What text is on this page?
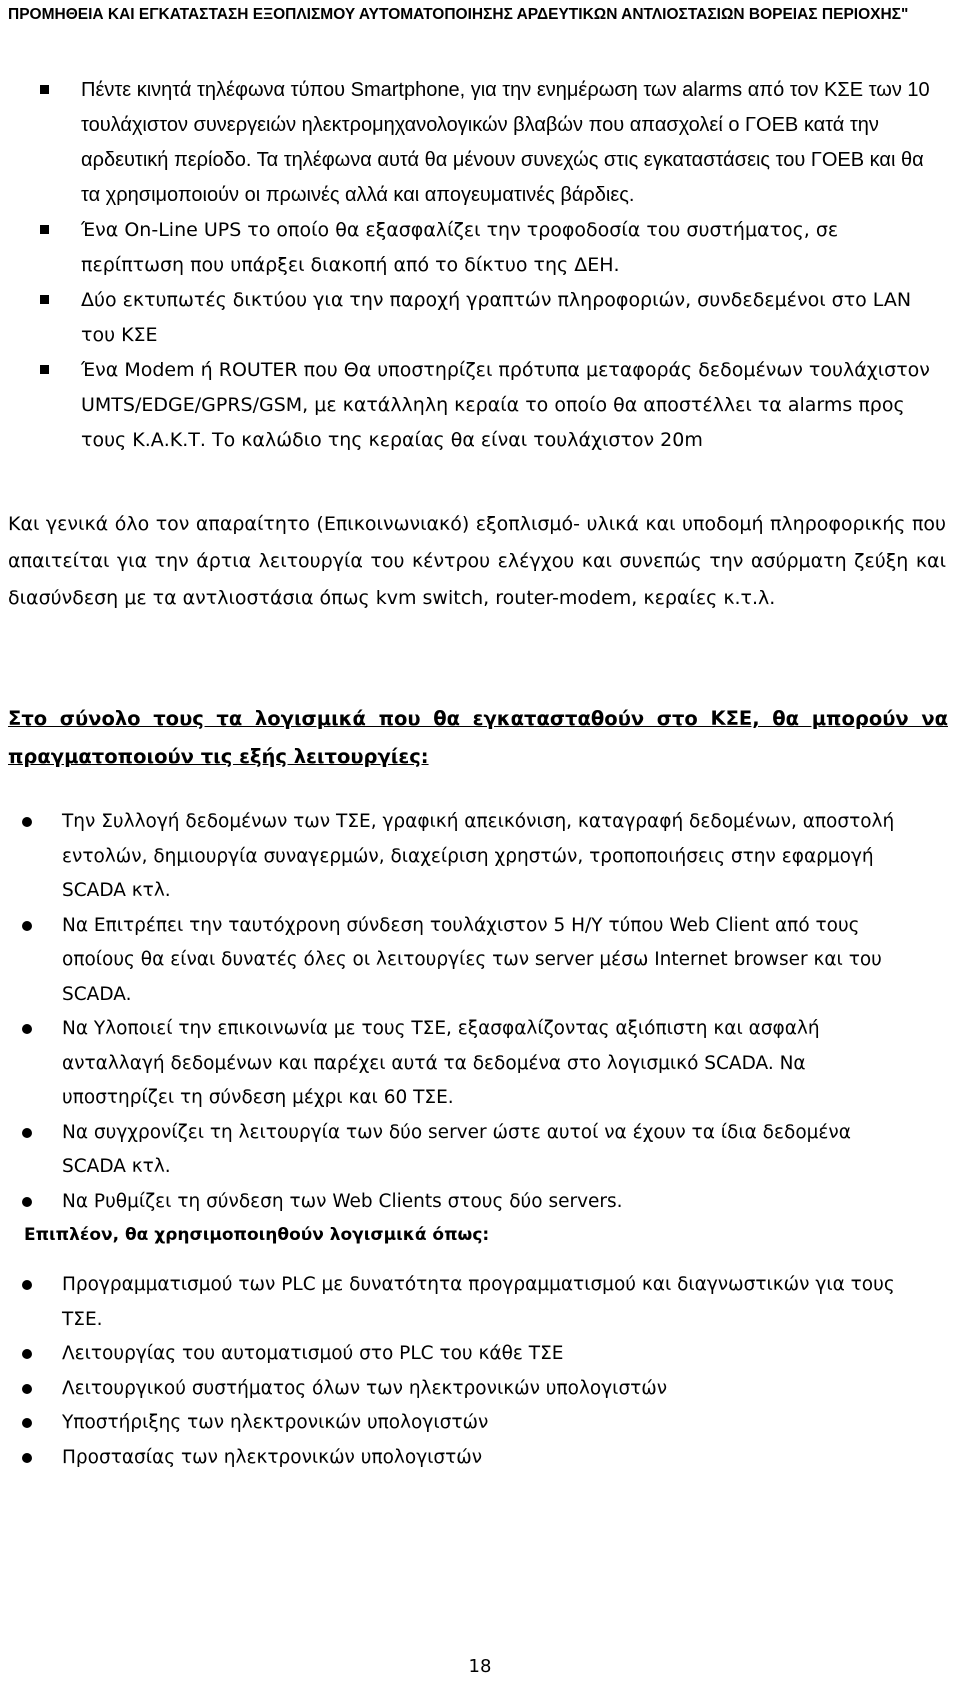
ΠΡΟΜΗΘΕΙΑ ΚΑΙ ΕΓΚΑΤΑΣΤΑΣΗ ΕΞΟΠΛΙΣΜΟΥ ΑΥΤΟΜΑΤΟΠΟΙΗΣΗΣ ΑΡΔΕΥΤΙΚΩΝ ΑΝΤΛΙΟΣΤΑΣΙΩΝ ΒΟΡΕΙΑΣ ΠΕΡΙΟΧΗΣ"
Πέντε κινητά τηλέφωνα τύπου Smartphone, για την ενημέρωση των alarms από τον ΚΣΕ των 10 τουλάχιστον συνεργειών ηλεκτρομηχανολογικών βλαβών που απασχολεί ο ΓΟΕΒ κατά την αρδευτική περίοδο. Τα τηλέφωνα αυτά θα μένουν συνεχώς στις εγκαταστάσεις του ΓΟΕΒ και θα τα χρησιμοποιούν οι πρωινές αλλά και απογευματινές βάρδιες.
Ένα On-Line UPS το οποίο θα εξασφαλίζει την τροφοδοσία του συστήματος, σε περίπτωση που υπάρξει διακοπή από το δίκτυο της ΔΕΗ.
Δύο εκτυπωτές δικτύου για την παροχή γραπτών πληροφοριών, συνδεδεμένοι στο LAN του ΚΣΕ
Ένα Modem ή ROUTER που Θα υποστηρίζει πρότυπα μεταφοράς δεδομένων τουλάχιστον UMTS/EDGE/GPRS/GSM, με κατάλληλη κεραία το οποίο θα αποστέλλει τα alarms προς τους Κ.Α.Κ.Τ. Το καλώδιο της κεραίας θα είναι τουλάχιστον 20m

Και γενικά όλο τον απαραίτητο (Επικοινωνιακό) εξοπλισμό- υλικά και υποδομή πληροφορικής που απαιτείται για την άρτια λειτουργία του κέντρου ελέγχου και συνεπώς την ασύρματη ζεύξη και διασύνδεση με τα αντλιοστάσια όπως kvm switch, router-modem, κεραίες κ.τ.λ.

Στο σύνολο τους τα λογισμικά που θα εγκατασταθούν στο ΚΣΕ, θα μπορούν να πραγματοποιούν τις εξής λειτουργίες:

Την Συλλογή δεδομένων των ΤΣΕ, γραφική απεικόνιση, καταγραφή δεδομένων, αποστολή εντολών, δημιουργία συναγερμών, διαχείριση χρηστών, τροποποιήσεις στην εφαρμογή SCADA κτλ.
Να Επιτρέπει την ταυτόχρονη σύνδεση τουλάχιστον 5 Η/Υ τύπου Web Client από τους οποίους θα είναι δυνατές όλες οι λειτουργίες των server μέσω Internet browser και του SCADA.
Να Υλοποιεί την επικοινωνία με τους ΤΣΕ, εξασφαλίζοντας αξιόπιστη και ασφαλή ανταλλαγή δεδομένων και παρέχει αυτά τα δεδομένα στο λογισμικό SCADA. Να υποστηρίζει τη σύνδεση μέχρι και 60 ΤΣΕ.
Να συγχρονίζει τη λειτουργία των δύο server ώστε αυτοί να έχουν τα ίδια δεδομένα SCADA κτλ.
Να Ρυθμίζει τη σύνδεση των Web Clients στους δύο servers.

Επιπλέον, θα χρησιμοποιηθούν λογισμικά όπως:

Προγραμματισμού των PLC με δυνατότητα προγραμματισμού και διαγνωστικών για τους ΤΣΕ.
Λειτουργίας του αυτοματισμού στο PLC του κάθε ΤΣΕ
Λειτουργικού συστήματος όλων των ηλεκτρονικών υπολογιστών
Υποστήριξης των ηλεκτρονικών υπολογιστών
Προστασίας των ηλεκτρονικών υπολογιστών

18
